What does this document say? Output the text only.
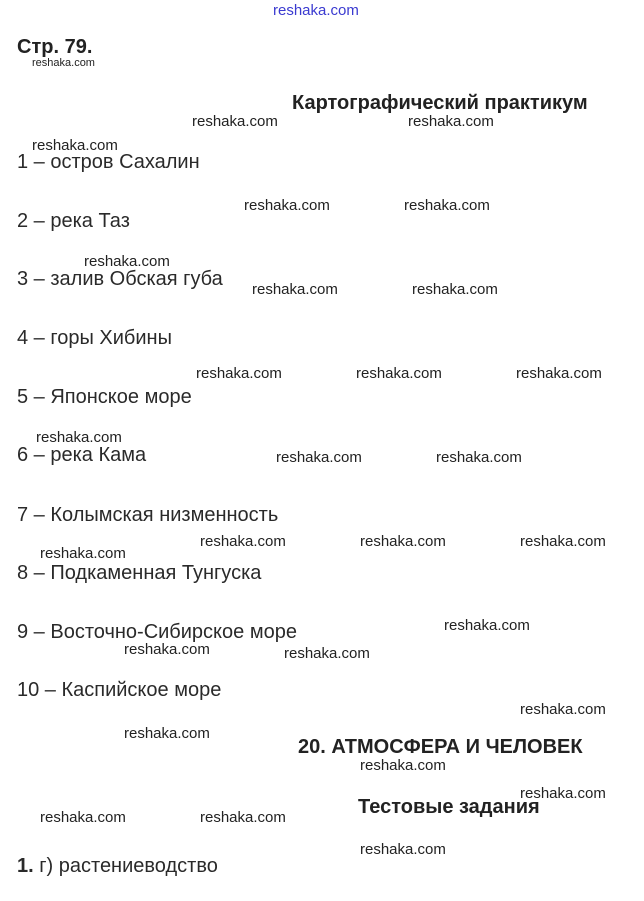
reshaka.com
Стр. 79.
reshaka.com
Картографический практикум
1 – остров Сахалин
2 – река Таз
3 – залив Обская губа
4 – горы Хибины
5 – Японское море
6 – река Кама
7 – Колымская низменность
8 – Подкаменная Тунгуска
9 – Восточно-Сибирское море
10 – Каспийское море
20. АТМОСФЕРА И ЧЕЛОВЕК
Тестовые задания
1. г) растениеводство
reshaka.com	reshaka.com
reshaka.com
reshaka.com	reshaka.com
reshaka.com
reshaka.com	reshaka.com
reshaka.com	reshaka.com	reshaka.com
reshaka.com
reshaka.com	reshaka.com
reshaka.com	reshaka.com	reshaka.com
reshaka.com
reshaka.com
reshaka.com	reshaka.com
reshaka.com
reshaka.com
reshaka.com
reshaka.com
reshaka.com	reshaka.com
reshaka.com
